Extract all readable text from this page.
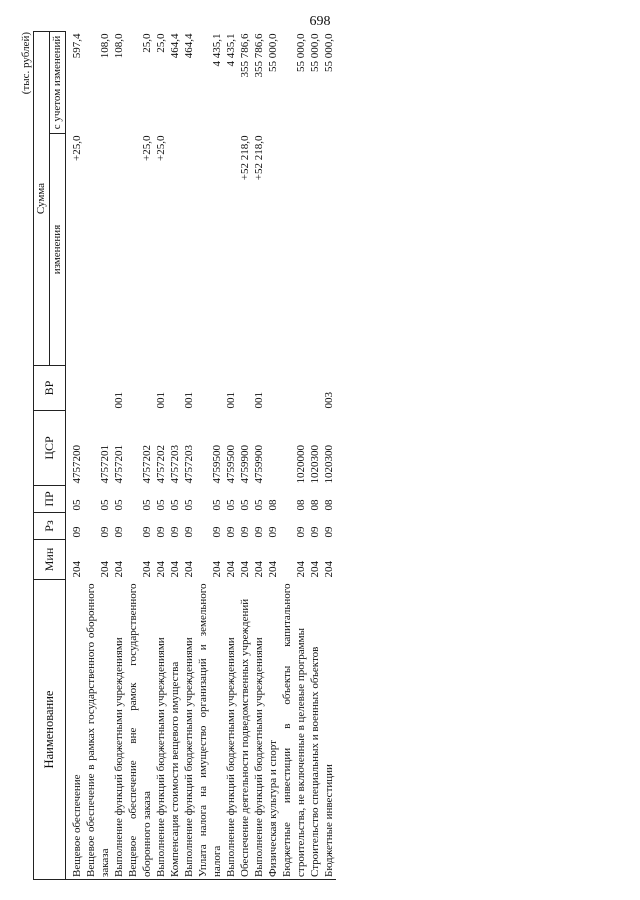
698
(тыс. рублей)
Наименование	Мин	Рз	ПР	ЦСР	ВР	Сумма	
						изменения	с учетом изменений

Вещевое обеспечение	204	09	05	4757200		+25,0	597,4
Вещевое обеспечение в рамках государственного оборонного заказа	204	09	05	4757201			108,0
Выполнение функций бюджетными учреждениями	204	09	05	4757201	001		108,0
Вещевое обеспечение вне рамок государственного оборонного заказа	204	09	05	4757202		+25,0	25,0
Выполнение функций бюджетными учреждениями	204	09	05	4757202	001	+25,0	25,0
Компенсация стоимости вещевого имущества	204	09	05	4757203			464,4
Выполнение функций бюджетными учреждениями	204	09	05	4757203	001		464,4
Уплата налога на имущество организаций и земельного налога	204	09	05	4759500			4 435,1
Выполнение функций бюджетными учреждениями	204	09	05	4759500	001		4 435,1
Обеспечение деятельности подведомственных учреждений	204	09	05	4759900		+52 218,0	355 786,6
Выполнение функций бюджетными учреждениями	204	09	05	4759900	001	+52 218,0	355 786,6
Физическая культура и спорт	204	09	08				55 000,0
Бюджетные инвестиции в объекты капитального строительства, не включенные в целевые программы	204	09	08	1020000			55 000,0
Строительство специальных и военных объектов	204	09	08	1020300			55 000,0
Бюджетные инвестиции	204	09	08	1020300	003		55 000,0
